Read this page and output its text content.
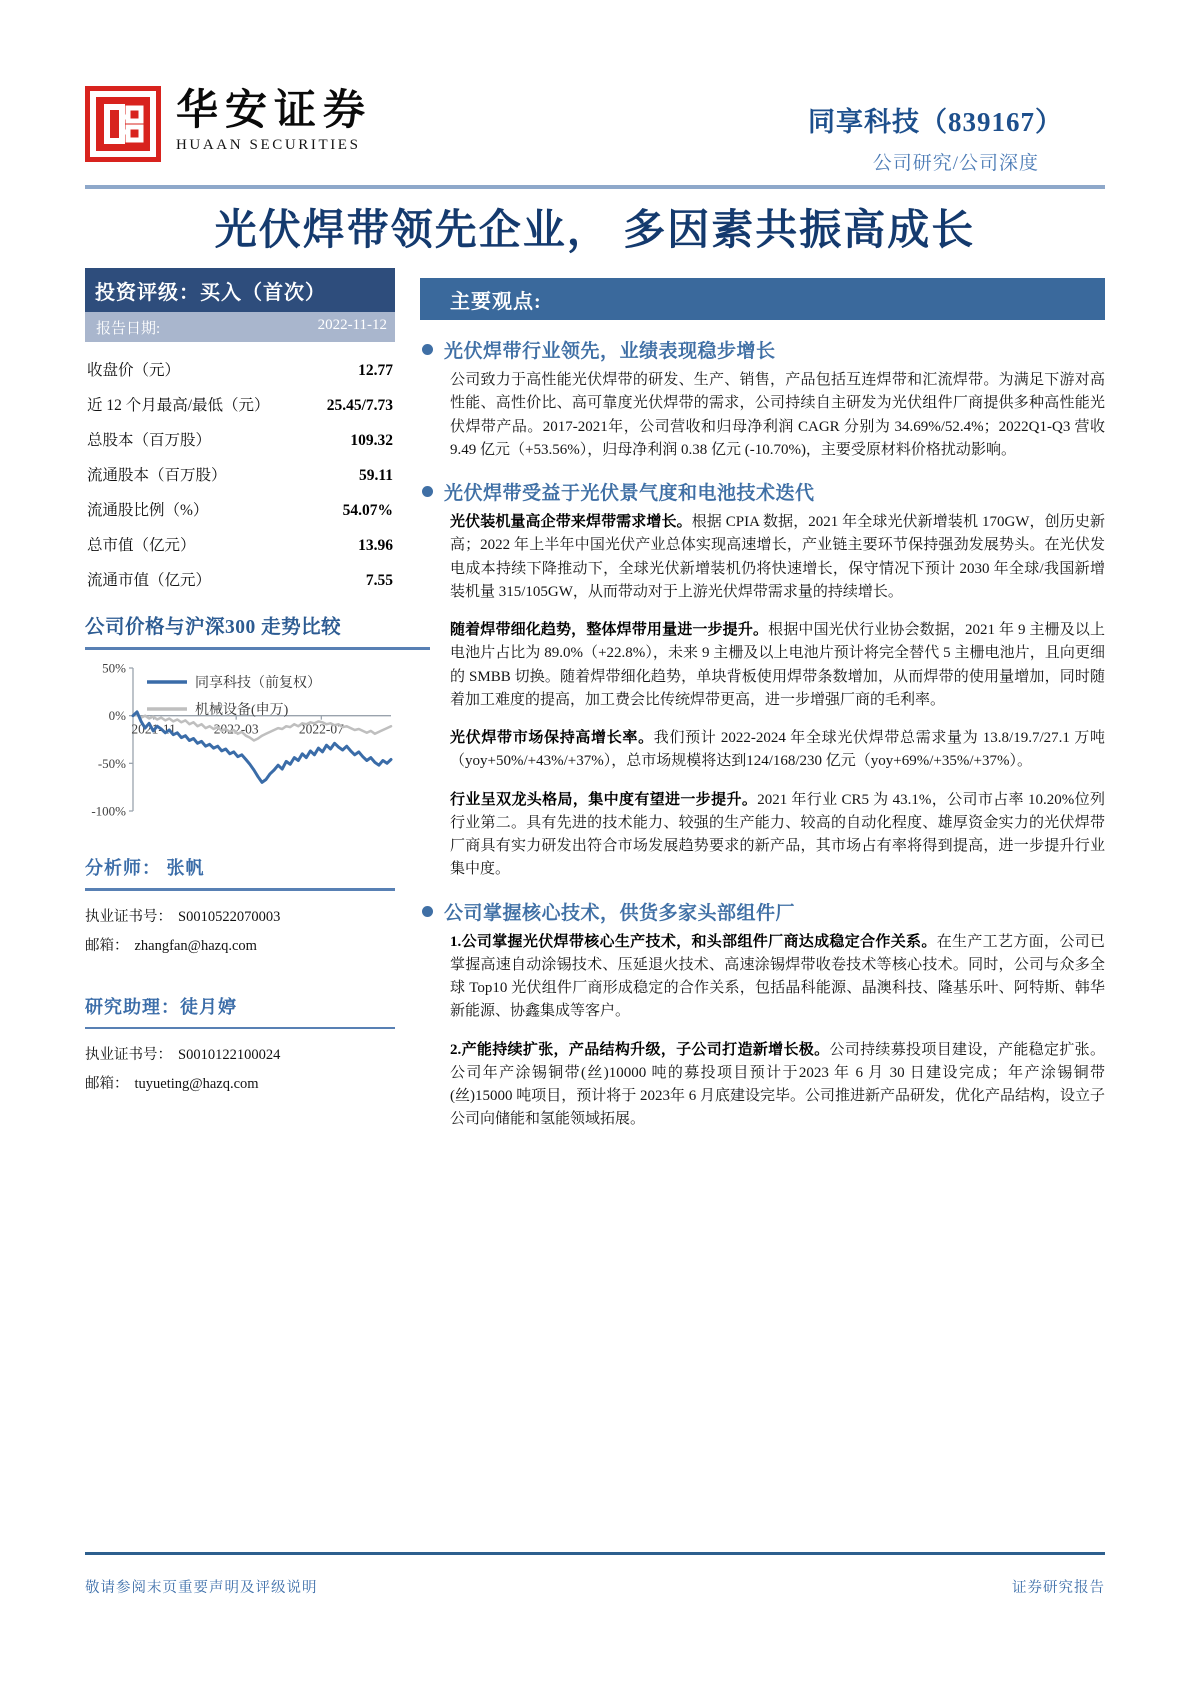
华安证券
HUAAN SECURITIES
同享科技（839167）
公司研究/公司深度
光伏焊带领先企业， 多因素共振高成长
投资评级：买入（首次）
报告日期:	2022-11-12
收盘价（元）	12.77
近 12 个月最高/最低（元）	25.45/7.73
总股本（百万股）	109.32
流通股本（百万股）	59.11
流通股比例（%）	54.07%
总市值（亿元）	13.96
流通市值（亿元）	7.55
公司价格与沪深300 走势比较
50%
0%
-50%
-100%
2021-11	2022-03	2022-07
同享科技（前复权）
机械设备(申万)
分析师： 张帆
执业证书号： S0010522070003
邮箱： zhangfan@hazq.com
研究助理：徒月婷
执业证书号： S0010122100024
邮箱： tuyueting@hazq.com
主要观点:
光伏焊带行业领先，业绩表现稳步增长

公司致力于高性能光伏焊带的研发、生产、销售，产品包括互连焊带和汇流焊带。为满足下游对高性能、高性价比、高可靠度光伏焊带的需求，公司持续自主研发为光伏组件厂商提供多种高性能光伏焊带产品。2017-2021年，公司营收和归母净利润 CAGR 分别为 34.69%/52.4%；2022Q1-Q3 营收9.49 亿元（+53.56%），归母净利润 0.38 亿元 (-10.70%)，主要受原材料价格扰动影响。

光伏焊带受益于光伏景气度和电池技术迭代

光伏装机量高企带来焊带需求增长。根据 CPIA 数据，2021 年全球光伏新增装机 170GW，创历史新高；2022 年上半年中国光伏产业总体实现高速增长，产业链主要环节保持强劲发展势头。在光伏发电成本持续下降推动下，全球光伏新增装机仍将快速增长，保守情况下预计 2030 年全球/我国新增装机量 315/105GW，从而带动对于上游光伏焊带需求量的持续增长。

随着焊带细化趋势，整体焊带用量进一步提升。根据中国光伏行业协会数据，2021 年 9 主栅及以上电池片占比为 89.0%（+22.8%），未来 9 主栅及以上电池片预计将完全替代 5 主栅电池片，且向更细的 SMBB 切换。随着焊带细化趋势，单块背板使用焊带条数增加，从而焊带的使用量增加，同时随着加工难度的提高，加工费会比传统焊带更高，进一步增强厂商的毛利率。

光伏焊带市场保持高增长率。我们预计 2022-2024 年全球光伏焊带总需求量为 13.8/19.7/27.1 万吨（yoy+50%/+43%/+37%），总市场规模将达到124/168/230 亿元（yoy+69%/+35%/+37%）。

行业呈双龙头格局，集中度有望进一步提升。2021 年行业 CR5 为 43.1%，公司市占率 10.20%位列行业第二。具有先进的技术能力、较强的生产能力、较高的自动化程度、雄厚资金实力的光伏焊带厂商具有实力研发出符合市场发展趋势要求的新产品，其市场占有率将得到提高，进一步提升行业集中度。

公司掌握核心技术，供货多家头部组件厂

1.公司掌握光伏焊带核心生产技术，和头部组件厂商达成稳定合作关系。在生产工艺方面，公司已掌握高速自动涂锡技术、压延退火技术、高速涂锡焊带收卷技术等核心技术。同时，公司与众多全球 Top10 光伏组件厂商形成稳定的合作关系，包括晶科能源、晶澳科技、隆基乐叶、阿特斯、韩华新能源、协鑫集成等客户。

2.产能持续扩张，产品结构升级，子公司打造新增长极。公司持续募投项目建设，产能稳定扩张。公司年产涂锡铜带(丝)10000 吨的募投项目预计于2023 年 6 月 30 日建设完成；年产涂锡铜带(丝)15000 吨项目，预计将于 2023年 6 月底建设完毕。公司推进新产品研发，优化产品结构，设立子公司向储能和氢能领域拓展。

敬请参阅末页重要声明及评级说明	证券研究报告
